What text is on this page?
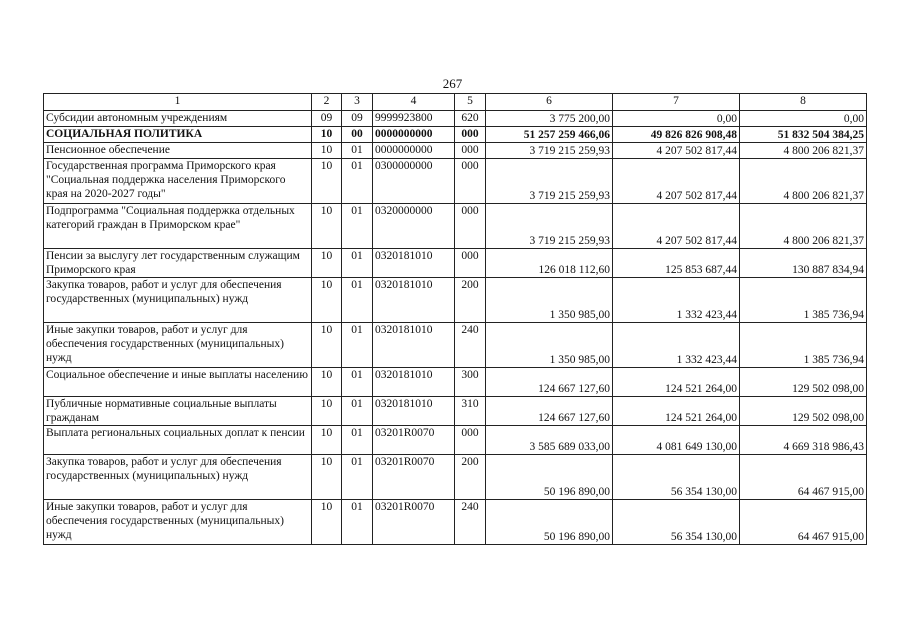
267
1	2	3	4	5	6	7	8
Субсидии автономным учреждениям	09	09	9999923800	620	3 775 200,00	0,00	0,00
СОЦИАЛЬНАЯ ПОЛИТИКА	10	00	0000000000	000	51 257 259 466,06	49 826 826 908,48	51 832 504 384,25
Пенсионное обеспечение	10	01	0000000000	000	3 719 215 259,93	4 207 502 817,44	4 800 206 821,37
Государственная программа Приморского края "Социальная поддержка населения Приморского края на 2020-2027 годы"	10	01	0300000000	000	3 719 215 259,93	4 207 502 817,44	4 800 206 821,37
Подпрограмма "Социальная поддержка отдельных категорий граждан в Приморском крае"	10	01	0320000000	000	3 719 215 259,93	4 207 502 817,44	4 800 206 821,37
Пенсии за выслугу лет государственным служащим Приморского края	10	01	0320181010	000	126 018 112,60	125 853 687,44	130 887 834,94
Закупка товаров, работ и услуг для обеспечения государственных (муниципальных) нужд	10	01	0320181010	200	1 350 985,00	1 332 423,44	1 385 736,94
Иные закупки товаров, работ и услуг для обеспечения государственных (муниципальных) нужд	10	01	0320181010	240	1 350 985,00	1 332 423,44	1 385 736,94
Социальное обеспечение и иные выплаты населению	10	01	0320181010	300	124 667 127,60	124 521 264,00	129 502 098,00
Публичные нормативные социальные выплаты гражданам	10	01	0320181010	310	124 667 127,60	124 521 264,00	129 502 098,00
Выплата региональных социальных доплат к пенсии	10	01	03201R0070	000	3 585 689 033,00	4 081 649 130,00	4 669 318 986,43
Закупка товаров, работ и услуг для обеспечения государственных (муниципальных) нужд	10	01	03201R0070	200	50 196 890,00	56 354 130,00	64 467 915,00
Иные закупки товаров, работ и услуг для обеспечения государственных (муниципальных) нужд	10	01	03201R0070	240	50 196 890,00	56 354 130,00	64 467 915,00
